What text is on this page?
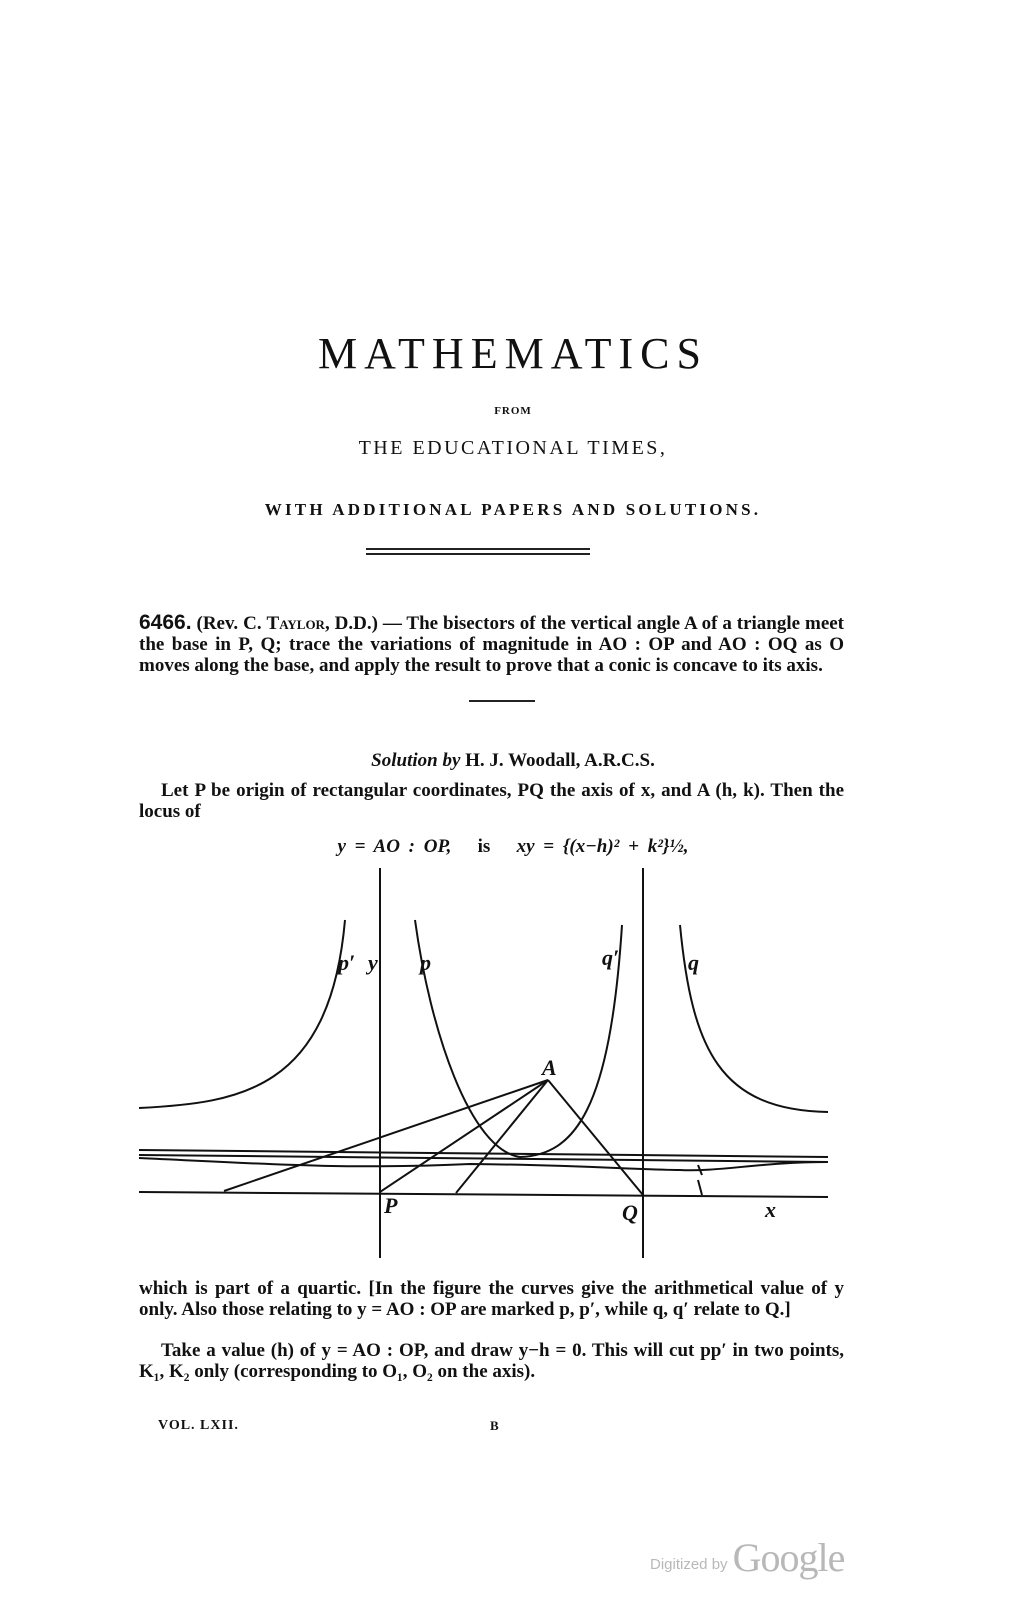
MATHEMATICS
FROM
THE EDUCATIONAL TIMES,
WITH ADDITIONAL PAPERS AND SOLUTIONS.
6466. (Rev. C. Taylor, D.D.) — The bisectors of the vertical angle A of a triangle meet the base in P, Q; trace the variations of magnitude in AO : OP and AO : OQ as O moves along the base, and apply the result to prove that a conic is concave to its axis.
Solution by H. J. Woodall, A.R.C.S.
Let P be origin of rectangular coordinates, PQ the axis of x, and A (h, k). Then the locus of
y = AO : OP, is xy = {(x−h)² + k²}½,
p′ y p	q′	q
A
P	Q	x
which is part of a quartic. [In the figure the curves give the arithmetical value of y only. Also those relating to y = AO : OP are marked p, p′, while q, q′ relate to Q.]
Take a value (h) of y = AO : OP, and draw y−h = 0. This will cut pp′ in two points, K₁, K₂ only (corresponding to O₁, O₂ on the axis).
VOL. LXII.	B
Digitized by Google
